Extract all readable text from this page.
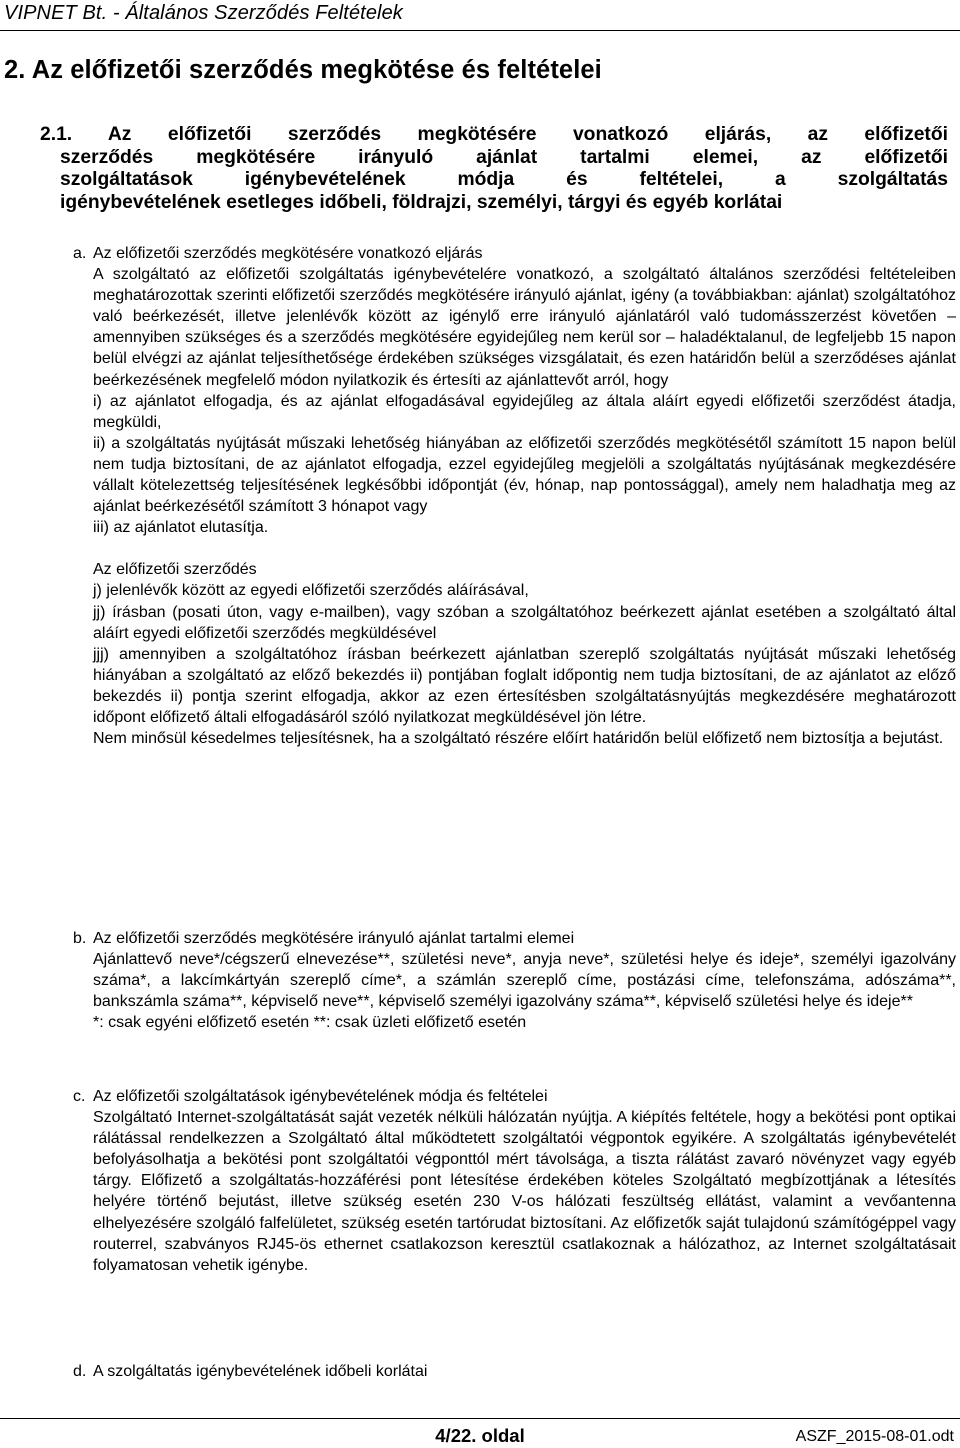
VIPNET Bt. - Általános Szerződés Feltételek
2. Az előfizetői szerződés megkötése és feltételei

2.1. Az előfizetői szerződés megkötésére vonatkozó eljárás, az előfizetői

szerződés megkötésére irányuló ajánlat tartalmi elemei, az előfizetői

szolgáltatások igénybevételének módja és feltételei, a szolgáltatás

igénybevételének esetleges időbeli, földrajzi, személyi, tárgyi és egyéb korlátai

a. Az előfizetői szerződés megkötésére vonatkozó eljárás

A szolgáltató az előfizetői szolgáltatás igénybevételére vonatkozó, a szolgáltató általános szerződési feltételeiben meghatározottak szerinti előfizetői szerződés megkötésére irányuló ajánlat, igény (a továbbiakban: ajánlat) szolgáltatóhoz való beérkezését, illetve jelenlévők között az igénylő erre irányuló ajánlatáról való tudomásszerzést követően – amennyiben szükséges és a szerződés megkötésére egyidejűleg nem kerül sor – haladéktalanul, de legfeljebb 15 napon belül elvégzi az ajánlat teljesíthetősége érdekében szükséges vizsgálatait, és ezen határidőn belül a szerződéses ajánlat beérkezésének megfelelő módon nyilatkozik és értesíti az ajánlattevőt arról, hogy

i) az ajánlatot elfogadja, és az ajánlat elfogadásával egyidejűleg az általa aláírt egyedi előfizetői szerződést átadja, megküldi,

ii) a szolgáltatás nyújtását műszaki lehetőség hiányában az előfizetői szerződés megkötésétől számított 15 napon belül nem tudja biztosítani, de az ajánlatot elfogadja, ezzel egyidejűleg megjelöli a szolgáltatás nyújtásának megkezdésére vállalt kötelezettség teljesítésének legkésőbbi időpontját (év, hónap, nap pontossággal), amely nem haladhatja meg az ajánlat beérkezésétől számított 3 hónapot vagy

iii) az ajánlatot elutasítja.

Az előfizetői szerződés

j) jelenlévők között az egyedi előfizetői szerződés aláírásával,

jj) írásban (posati úton, vagy e-mailben), vagy szóban a szolgáltatóhoz beérkezett ajánlat esetében a szolgáltató által aláírt egyedi előfizetői szerződés megküldésével

jjj) amennyiben a szolgáltatóhoz írásban beérkezett ajánlatban szereplő szolgáltatás nyújtását műszaki lehetőség hiányában a szolgáltató az előző bekezdés ii) pontjában foglalt időpontig nem tudja biztosítani, de az ajánlatot az előző bekezdés ii) pontja szerint elfogadja, akkor az ezen értesítésben szolgáltatásnyújtás megkezdésére meghatározott időpont előfizető általi elfogadásáról szóló nyilatkozat megküldésével jön létre.

Nem minősül késedelmes teljesítésnek, ha a szolgáltató részére előírt határidőn belül előfizető nem biztosítja a bejutást.

b. Az előfizetői szerződés megkötésére irányuló ajánlat tartalmi elemei

Ajánlattevő neve*/cégszerű elnevezése**, születési neve*, anyja neve*, születési helye és ideje*, személyi igazolvány száma*, a lakcímkártyán szereplő címe*, a számlán szereplő címe, postázási címe, telefonszáma, adószáma**, bankszámla száma**, képviselő neve**, képviselő személyi igazolvány száma**, képviselő születési helye és ideje**

*: csak egyéni előfizető esetén **: csak üzleti előfizető esetén

c. Az előfizetői szolgáltatások igénybevételének módja és feltételei

Szolgáltató Internet-szolgáltatását saját vezeték nélküli hálózatán nyújtja. A kiépítés feltétele, hogy a bekötési pont optikai rálátással rendelkezzen a Szolgáltató által működtetett szolgáltatói végpontok egyikére. A szolgáltatás igénybevételét befolyásolhatja a bekötési pont szolgáltatói végponttól mért távolsága, a tiszta rálátást zavaró növényzet vagy egyéb tárgy. Előfizető a szolgáltatás-hozzáférési pont létesítése érdekében köteles Szolgáltató megbízottjának a létesítés helyére történő bejutást, illetve szükség esetén 230 V-os hálózati feszültség ellátást, valamint a vevőantenna elhelyezésére szolgáló falfelületet, szükség esetén tartórudat biztosítani. Az előfizetők saját tulajdonú számítógéppel vagy routerrel, szabványos RJ45-ös ethernet csatlakozson keresztül csatlakoznak a hálózathoz, az Internet szolgáltatásait folyamatosan vehetik igénybe.

d. A szolgáltatás igénybevételének időbeli korlátai
4/22. oldal	ASZF_2015-08-01.odt
